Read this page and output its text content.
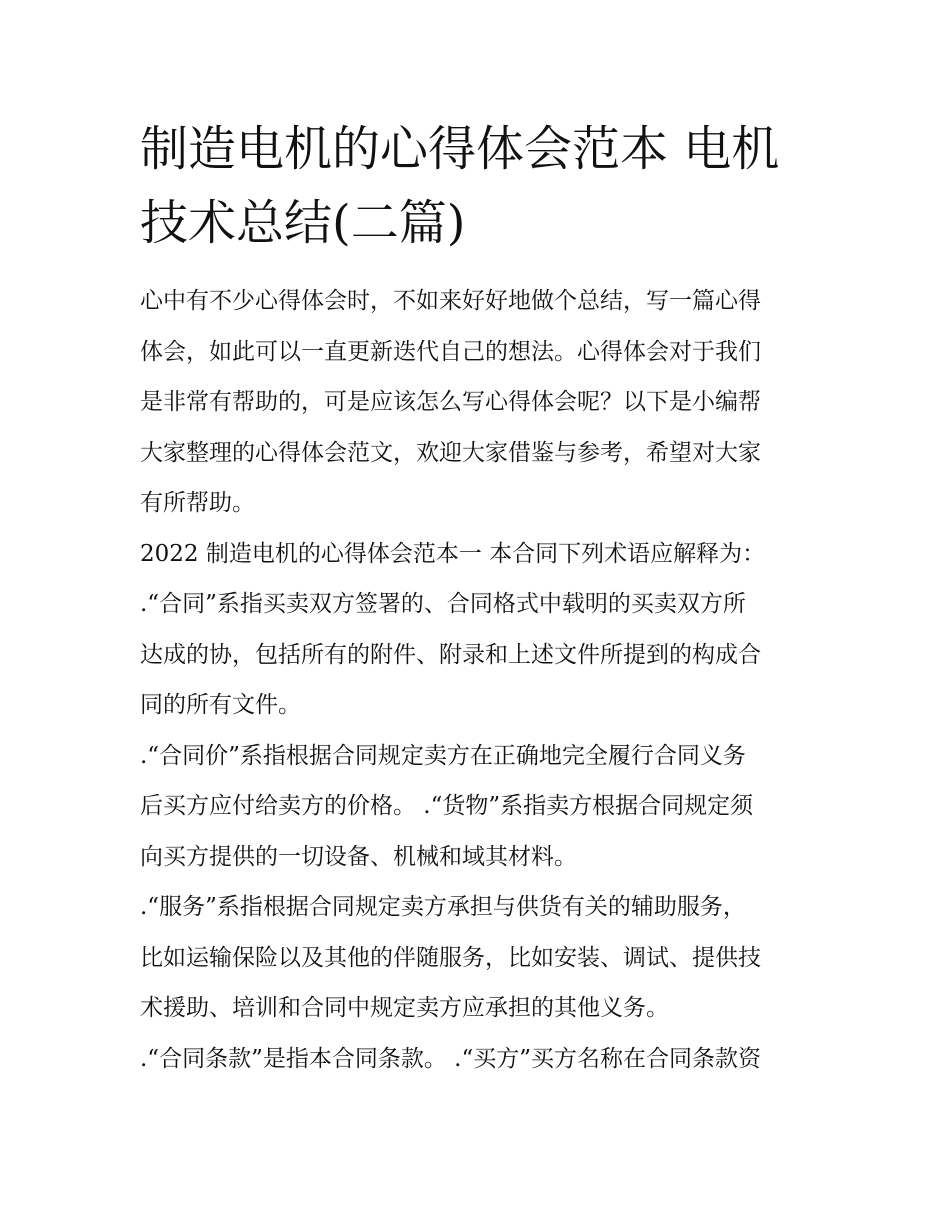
制造电机的心得体会范本 电机
技术总结(二篇)
心中有不少心得体会时，不如来好好地做个总结，写一篇心得
体会，如此可以一直更新迭代自己的想法。心得体会对于我们
是非常有帮助的，可是应该怎么写心得体会呢？以下是小编帮
大家整理的心得体会范文，欢迎大家借鉴与参考，希望对大家
有所帮助。
2022 制造电机的心得体会范本一 本合同下列术语应解释为：
.“合同”系指买卖双方签署的、合同格式中载明的买卖双方所
达成的协，包括所有的附件、附录和上述文件所提到的构成合
同的所有文件。
.“合同价”系指根据合同规定卖方在正确地完全履行合同义务
后买方应付给卖方的价格。 .“货物”系指卖方根据合同规定须
向买方提供的一切设备、机械和域其材料。
.“服务”系指根据合同规定卖方承担与供货有关的辅助服务，
比如运输保险以及其他的伴随服务，比如安装、调试、提供技
术援助、培训和合同中规定卖方应承担的其他义务。
.“合同条款”是指本合同条款。 .“买方”买方名称在合同条款资
